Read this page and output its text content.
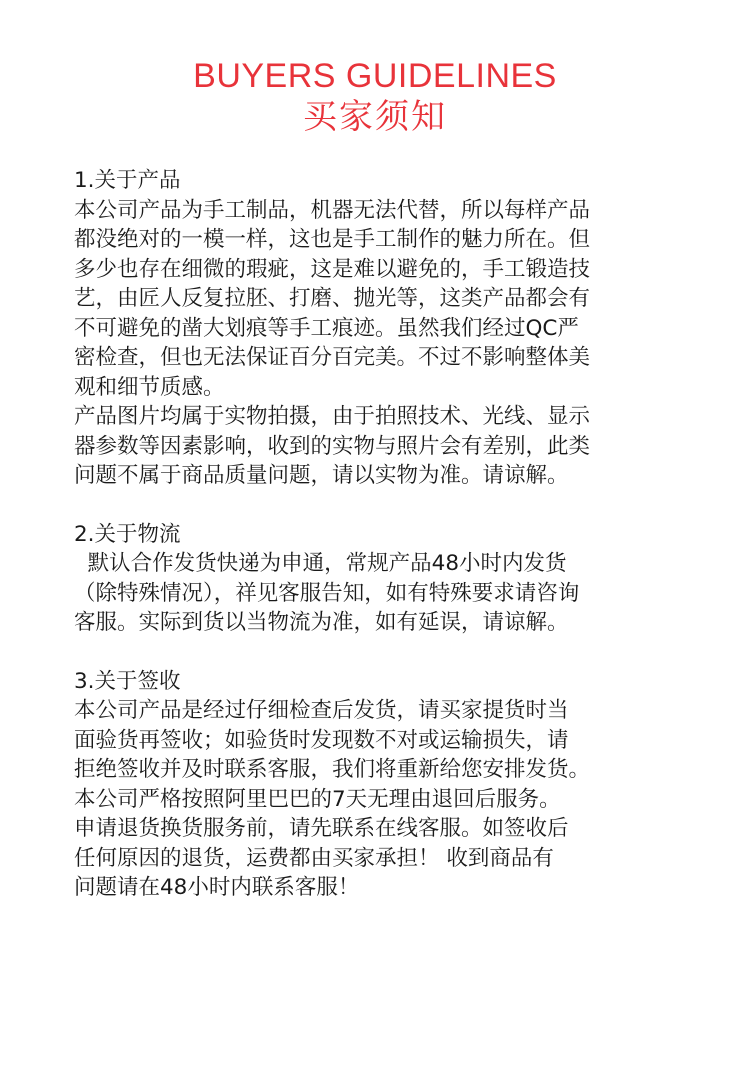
BUYERS GUIDELINES
买家须知
1.关于产品
本公司产品为手工制品，机器无法代替，所以每样产品
都没绝对的一模一样，这也是手工制作的魅力所在。但
多少也存在细微的瑕疵，这是难以避免的，手工锻造技
艺，由匠人反复拉胚、打磨、抛光等，这类产品都会有
不可避免的凿大划痕等手工痕迹。虽然我们经过QC严
密检查，但也无法保证百分百完美。不过不影响整体美
观和细节质感。
产品图片均属于实物拍摄，由于拍照技术、光线、显示
器参数等因素影响，收到的实物与照片会有差别，此类
问题不属于商品质量问题，请以实物为准。请谅解。
2.关于物流
默认合作发货快递为申通，常规产品48小时内发货
（除特殊情况），祥见客服告知，如有特殊要求请咨询
客服。实际到货以当物流为准，如有延误，请谅解。
3.关于签收
本公司产品是经过仔细检查后发货，请买家提货时当
面验货再签收；如验货时发现数不对或运输损失，请
拒绝签收并及时联系客服，我们将重新给您安排发货。
本公司严格按照阿里巴巴的7天无理由退回后服务。
申请退货换货服务前，请先联系在线客服。如签收后
任何原因的退货，运费都由买家承担！ 收到商品有
问题请在48小时内联系客服！
